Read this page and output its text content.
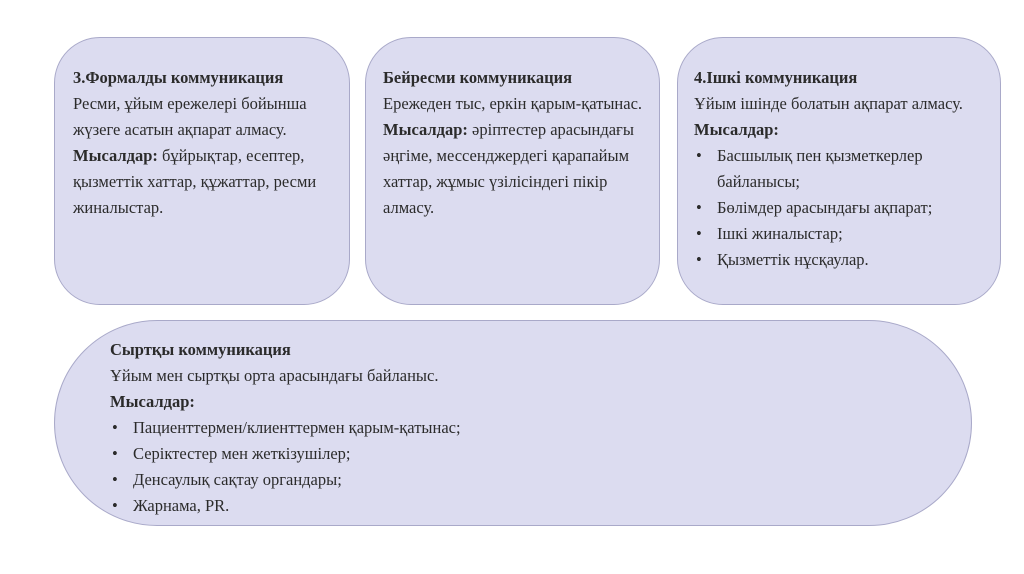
3.Формалды коммуникация
Ресми, ұйым ережелері бойынша жүзеге асатын ақпарат алмасу.
Мысалдар: бұйрықтар, есептер, қызметтік хаттар, құжаттар, ресми жиналыстар.
Бейресми коммуникация
Ережеден тыс, еркін қарым-қатынас.
Мысалдар: әріптестер арасындағы әңгіме, мессенджердегі қарапайым хаттар, жұмыс үзілісіндегі пікір алмасу.
4.Ішкі коммуникация
Ұйым ішінде болатын ақпарат алмасу.
Мысалдар:
• Басшылық пен қызметкерлер байланысы;
• Бөлімдер арасындағы ақпарат;
• Ішкі жиналыстар;
• Қызметтік нұсқаулар.
Сыртқы коммуникация
Ұйым мен сыртқы орта арасындағы байланыс.
Мысалдар:
• Пациенттермен/клиенттермен қарым-қатынас;
• Серіктестер мен жеткізушілер;
• Денсаулық сақтау органдары;
• Жарнама, PR.
